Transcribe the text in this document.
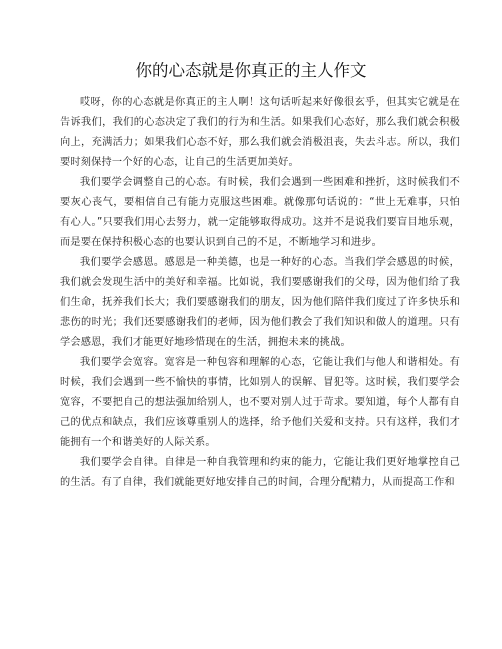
你的心态就是你真正的主人作文

哎呀，你的心态就是你真正的主人啊！这句话听起来好像很玄乎，但其实它就是在告诉我们，我们的心态决定了我们的行为和生活。如果我们心态好，那么我们就会积极向上，充满活力；如果我们心态不好，那么我们就会消极沮丧，失去斗志。所以，我们要时刻保持一个好的心态，让自己的生活更加美好。

我们要学会调整自己的心态。有时候，我们会遇到一些困难和挫折，这时候我们不要灰心丧气，要相信自己有能力克服这些困难。就像那句话说的：“世上无难事，只怕有心人。”只要我们用心去努力，就一定能够取得成功。这并不是说我们要盲目地乐观，而是要在保持积极心态的也要认识到自己的不足，不断地学习和进步。

我们要学会感恩。感恩是一种美德，也是一种好的心态。当我们学会感恩的时候，我们就会发现生活中的美好和幸福。比如说，我们要感谢我们的父母，因为他们给了我们生命，抚养我们长大；我们要感谢我们的朋友，因为他们陪伴我们度过了许多快乐和悲伤的时光；我们还要感谢我们的老师，因为他们教会了我们知识和做人的道理。只有学会感恩，我们才能更好地珍惜现在的生活，拥抱未来的挑战。

我们要学会宽容。宽容是一种包容和理解的心态，它能让我们与他人和谐相处。有时候，我们会遇到一些不愉快的事情，比如别人的误解、冒犯等。这时候，我们要学会宽容，不要把自己的想法强加给别人，也不要对别人过于苛求。要知道，每个人都有自己的优点和缺点，我们应该尊重别人的选择，给予他们关爱和支持。只有这样，我们才能拥有一个和谐美好的人际关系。

我们要学会自律。自律是一种自我管理和约束的能力，它能让我们更好地掌控自己的生活。有了自律，我们就能更好地安排自己的时间，合理分配精力，从而提高工作和
